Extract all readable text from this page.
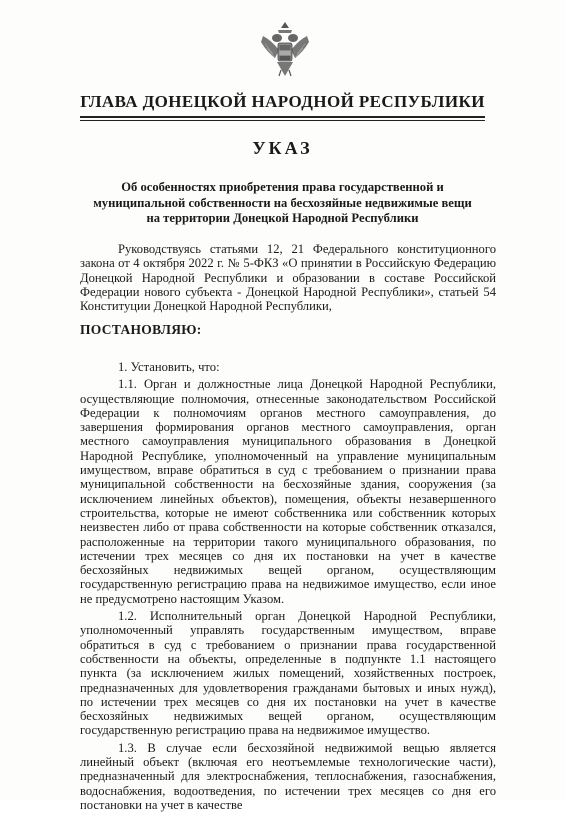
ГЛАВА ДОНЕЦКОЙ НАРОДНОЙ РЕСПУБЛИКИ
УКАЗ
Об особенностях приобретения права государственной и муниципальной собственности на бесхозяйные недвижимые вещи на территории Донецкой Народной Республики

Руководствуясь статьями 12, 21 Федерального конституционного закона от 4 октября 2022 г. № 5-ФКЗ «О принятии в Российскую Федерацию Донецкой Народной Республики и образовании в составе Российской Федерации нового субъекта - Донецкой Народной Республики», статьей 54 Конституции Донецкой Народной Республики,

ПОСТАНОВЛЯЮ:

1. Установить, что:

1.1. Орган и должностные лица Донецкой Народной Республики, осуществляющие полномочия, отнесенные законодательством Российской Федерации к полномочиям органов местного самоуправления, до завершения формирования органов местного самоуправления, орган местного самоуправления муниципального образования в Донецкой Народной Республике, уполномоченный на управление муниципальным имуществом, вправе обратиться в суд с требованием о признании права муниципальной собственности на бесхозяйные здания, сооружения (за исключением линейных объектов), помещения, объекты незавершенного строительства, которые не имеют собственника или собственник которых неизвестен либо от права собственности на которые собственник отказался, расположенные на территории такого муниципального образования, по истечении трех месяцев со дня их постановки на учет в качестве бесхозяйных недвижимых вещей органом, осуществляющим государственную регистрацию права на недвижимое имущество, если иное не предусмотрено настоящим Указом.

1.2. Исполнительный орган Донецкой Народной Республики, уполномоченный управлять государственным имуществом, вправе обратиться в суд с требованием о признании права государственной собственности на объекты, определенные в подпункте 1.1 настоящего пункта (за исключением жилых помещений, хозяйственных построек, предназначенных для удовлетворения гражданами бытовых и иных нужд), по истечении трех месяцев со дня их постановки на учет в качестве бесхозяйных недвижимых вещей органом, осуществляющим государственную регистрацию права на недвижимое имущество.

1.3. В случае если бесхозяйной недвижимой вещью является линейный объект (включая его неотъемлемые технологические части), предназначенный для электроснабжения, теплоснабжения, газоснабжения, водоснабжения, водоотведения, по истечении трех месяцев со дня его постановки на учет в качестве
